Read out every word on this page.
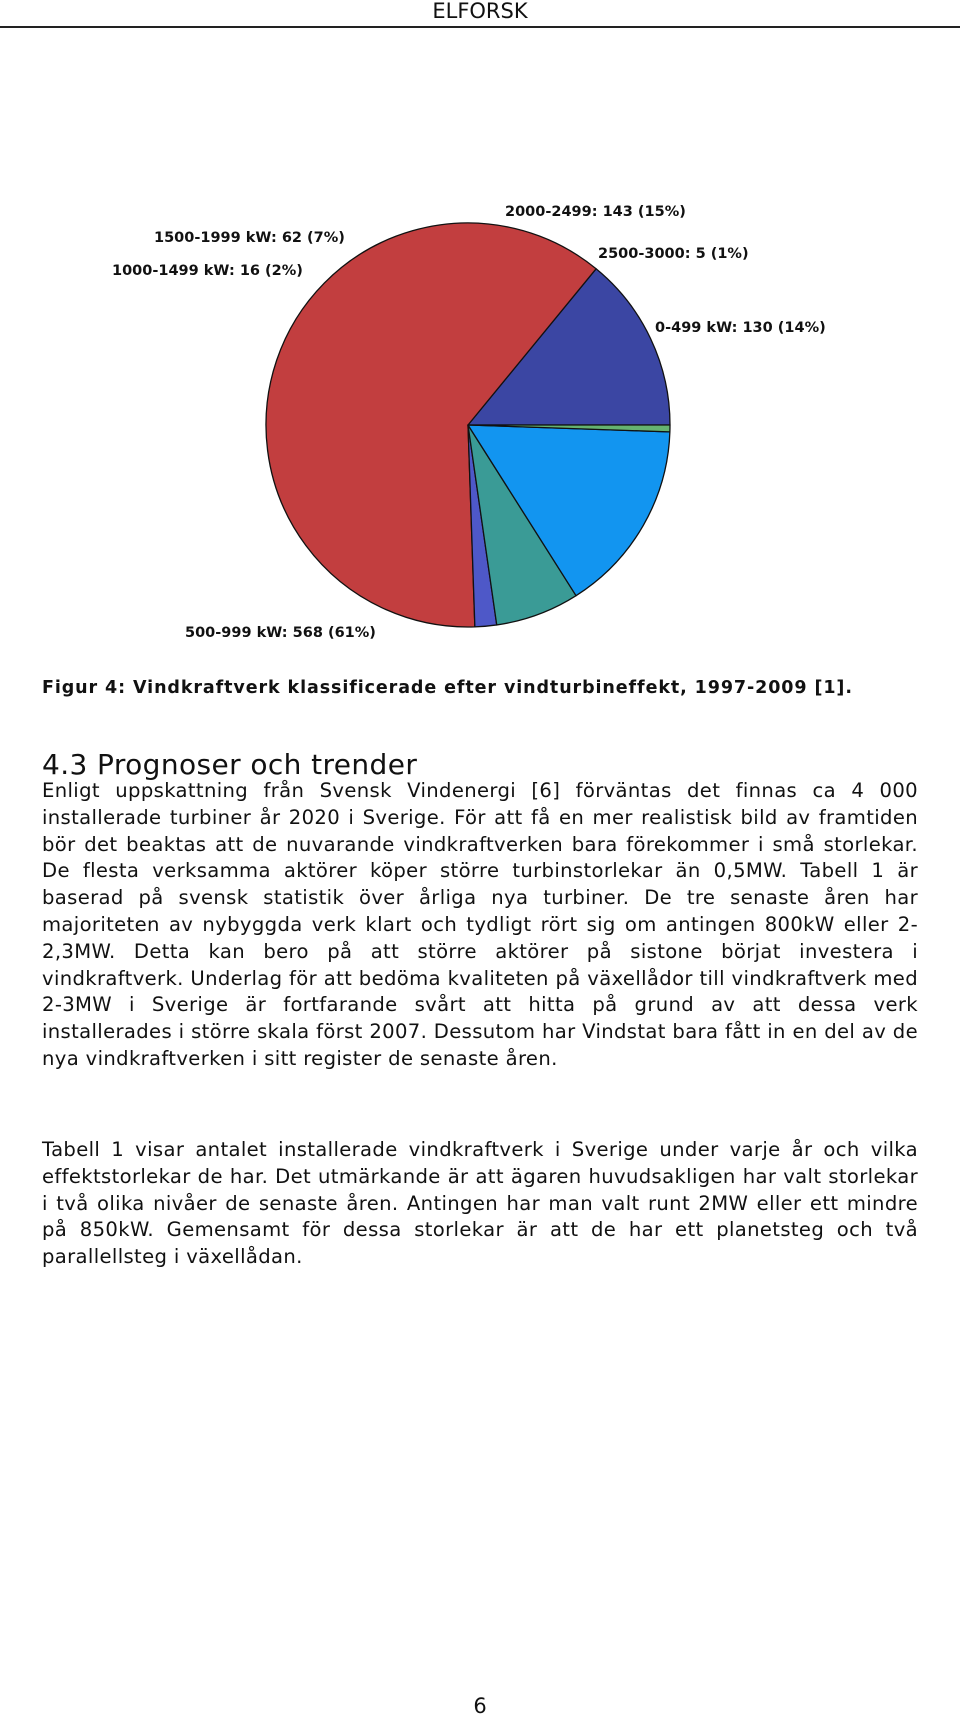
ELFORSK
0-499 kW: 130 (14%)
500-999 kW: 568 (61%)
1000-1499 kW: 16 (2%)
1500-1999 kW: 62 (7%)
2000-2499: 143 (15%)
2500-3000: 5 (1%)
Figur 4: Vindkraftverk klassificerade efter vindturbineffekt, 1997-2009 [1].
4.3 Prognoser och trender

Enligt uppskattning från Svensk Vindenergi [6] förväntas det finnas ca 4 000 installerade turbiner år 2020 i Sverige. För att få en mer realistisk bild av framtiden bör det beaktas att de nuvarande vindkraftverken bara förekommer i små storlekar. De flesta verksamma aktörer köper större turbinstorlekar än 0,5MW. Tabell 1 är baserad på svensk statistik över årliga nya turbiner. De tre senaste åren har majoriteten av nybyggda verk klart och tydligt rört sig om antingen 800kW eller 2-2,3MW. Detta kan bero på att större aktörer på sistone börjat investera i vindkraftverk. Underlag för att bedöma kvaliteten på växellådor till vindkraftverk med 2-3MW i Sverige är fortfarande svårt att hitta på grund av att dessa verk installerades i större skala först 2007. Dessutom har Vindstat bara fått in en del av de nya vindkraftverken i sitt register de senaste åren.

Tabell 1 visar antalet installerade vindkraftverk i Sverige under varje år och vilka effektstorlekar de har. Det utmärkande är att ägaren huvudsakligen har valt storlekar i två olika nivåer de senaste åren. Antingen har man valt runt 2MW eller ett mindre på 850kW. Gemensamt för dessa storlekar är att de har ett planetsteg och två parallellsteg i växellådan.

6
